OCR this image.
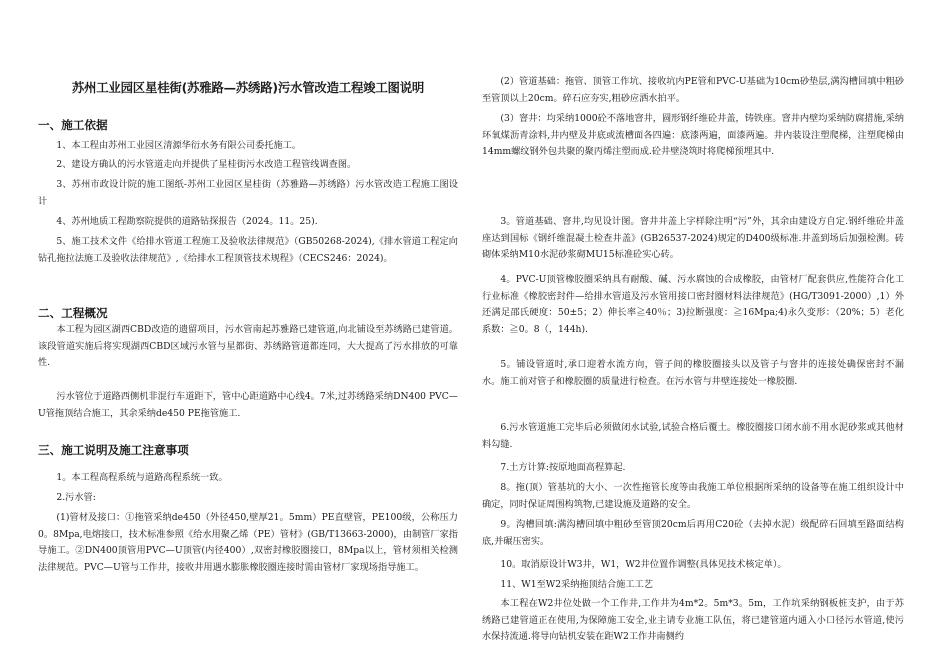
苏州工业园区星桂街(苏雅路—苏绣路)污水管改造工程竣工图说明
一、施工依据
1、本工程由苏州工业园区清源华衍水务有限公司委托施工。
2、建设方确认的污水管道走向并提供了星桂街污水改造工程管线调查图。
3、苏州市政设计院的施工图纸-苏州工业园区星桂街（苏雅路—苏绣路）污水管改造工程施工图设计
4、苏州地质工程勘察院提供的道路钻探报告（2024。11。25).
5、施工技术文件《给排水管道工程施工及验收法律规范》（GB50268-2024),《排水管道工程定向钻孔拖拉法施工及验收法律规范》,《给排水工程顶管技术规程》（CECS246：2024)。
二、工程概况
本工程为园区湖西CBD改造的遗留项目，污水管南起苏雅路已建管道,向北铺设至苏绣路已建管道。该段管道实施后将实现湖西CBD区域污水管与星都街、苏绣路管道都连同，大大提高了污水排放的可靠性.
污水管位于道路西侧机非混行车道距下，管中心距道路中心线4。7米,过苏绣路采纳DN400 PVC—U管拖顶结合施工，其余采纳de450 PE拖管施工.
三、施工说明及施工注意事项
1。本工程高程系统与道路高程系统一致。
2.污水管:
(1)管材及接口：①拖管采纳de450（外径450,壁厚21。5mm）PE直壁管，PE100级，公称压力0。8Mpa,电熔接口，技术标准参照《给水用聚乙烯（PE）管材》(GB/T13663-2000)，由制管厂家指导施工。②DN400顶管用PVC—U顶管(内径400）,双密封橡胶圈接口，8Mpa以上，管材须相关检测法律规范。PVC—U管与工作井，接收井用遇水膨胀橡胶圈连接时需由管材厂家现场指导施工。
(2）管道基础：拖管、顶管工作坑、接收坑内PE管和PVC-U基础为10cm砂垫层,满沟槽回填中粗砂至管顶以上20cm。碎石应夯实,粗砂应洒水拍平。
(3）窨井：均采纳1000砼不落地窨井，圆形钢纤维砼井盖，铸铁座。窨井内壁均采纳防腐措施,采纳环氧煤沥青涂料,井内壁及井底或流槽面各四遍：底漆两遍，面漆两遍。井内装设注塑爬梯，注塑爬梯由14mm螺纹钢外包共聚的聚丙烯注塑而成.砼井壁浇筑时将爬梯预埋其中.
3。管道基础、窨井,均见设计图。窨井井盖上字样除注明“污”外，其余由建设方自定.钢纤维砼井盖座达到国标《钢纤维混凝土检查井盖》(GB26537-2024)规定的D400级标准.井盖到场后加强检测。砖砌体采纳M10水泥砂浆砌MU15标准砼实心砖。
4。PVC-U顶管橡胶圈采纳具有耐酸、碱、污水腐蚀的合成橡胶，由管材厂配套供应,性能符合化工行业标准《橡胶密封件—给排水管道及污水管用接口密封圈材料法律规范》(HG/T3091-2000）,1）外还满足邵氏硬度：50±5；2）伸长率≧40％；3)拉断强度：≧16Mpa;4)永久变形：（20%；5）老化系数：≧0。8（，144h).
5。铺设管道时,承口迎着水流方向，管子间的橡胶圈接头以及管子与窨井的连接处确保密封不漏水。施工前对管子和橡胶圈的质量进行检查。在污水管与井壁连接处一橡胶圈.
6.污水管道施工完毕后必须做闭水试验,试验合格后覆土。橡胶圈接口闭水前不用水泥砂浆或其他材料勾缝.
7.土方计算:按原地面高程算起.
8。拖(顶）管基坑的大小、一次性拖管长度等由我施工单位根据所采纳的设备等在施工组织设计中确定，同时保证周围构筑物,已建设施及道路的安全。
9。沟槽回填:满沟槽回填中粗砂至管顶20cm后再用C20砼（去掉水泥）级配碎石回填至路面结构底,并碾压密实。
10。取消原设计W3井，W1，W2井位置作调整(具体见技术核定单）。
11、W1至W2采纳拖顶结合施工工艺
本工程在W2井位处做一个工作井,工作井为4m*2。5m*3。5m，工作坑采纳钢板桩支护，由于苏绣路已建管道正在使用,为保障施工安全,业主请专业施工队伍，将已建管道内通入小口径污水管道,使污水保持流通.将导向钻机安装在距W2工作井南侧约
